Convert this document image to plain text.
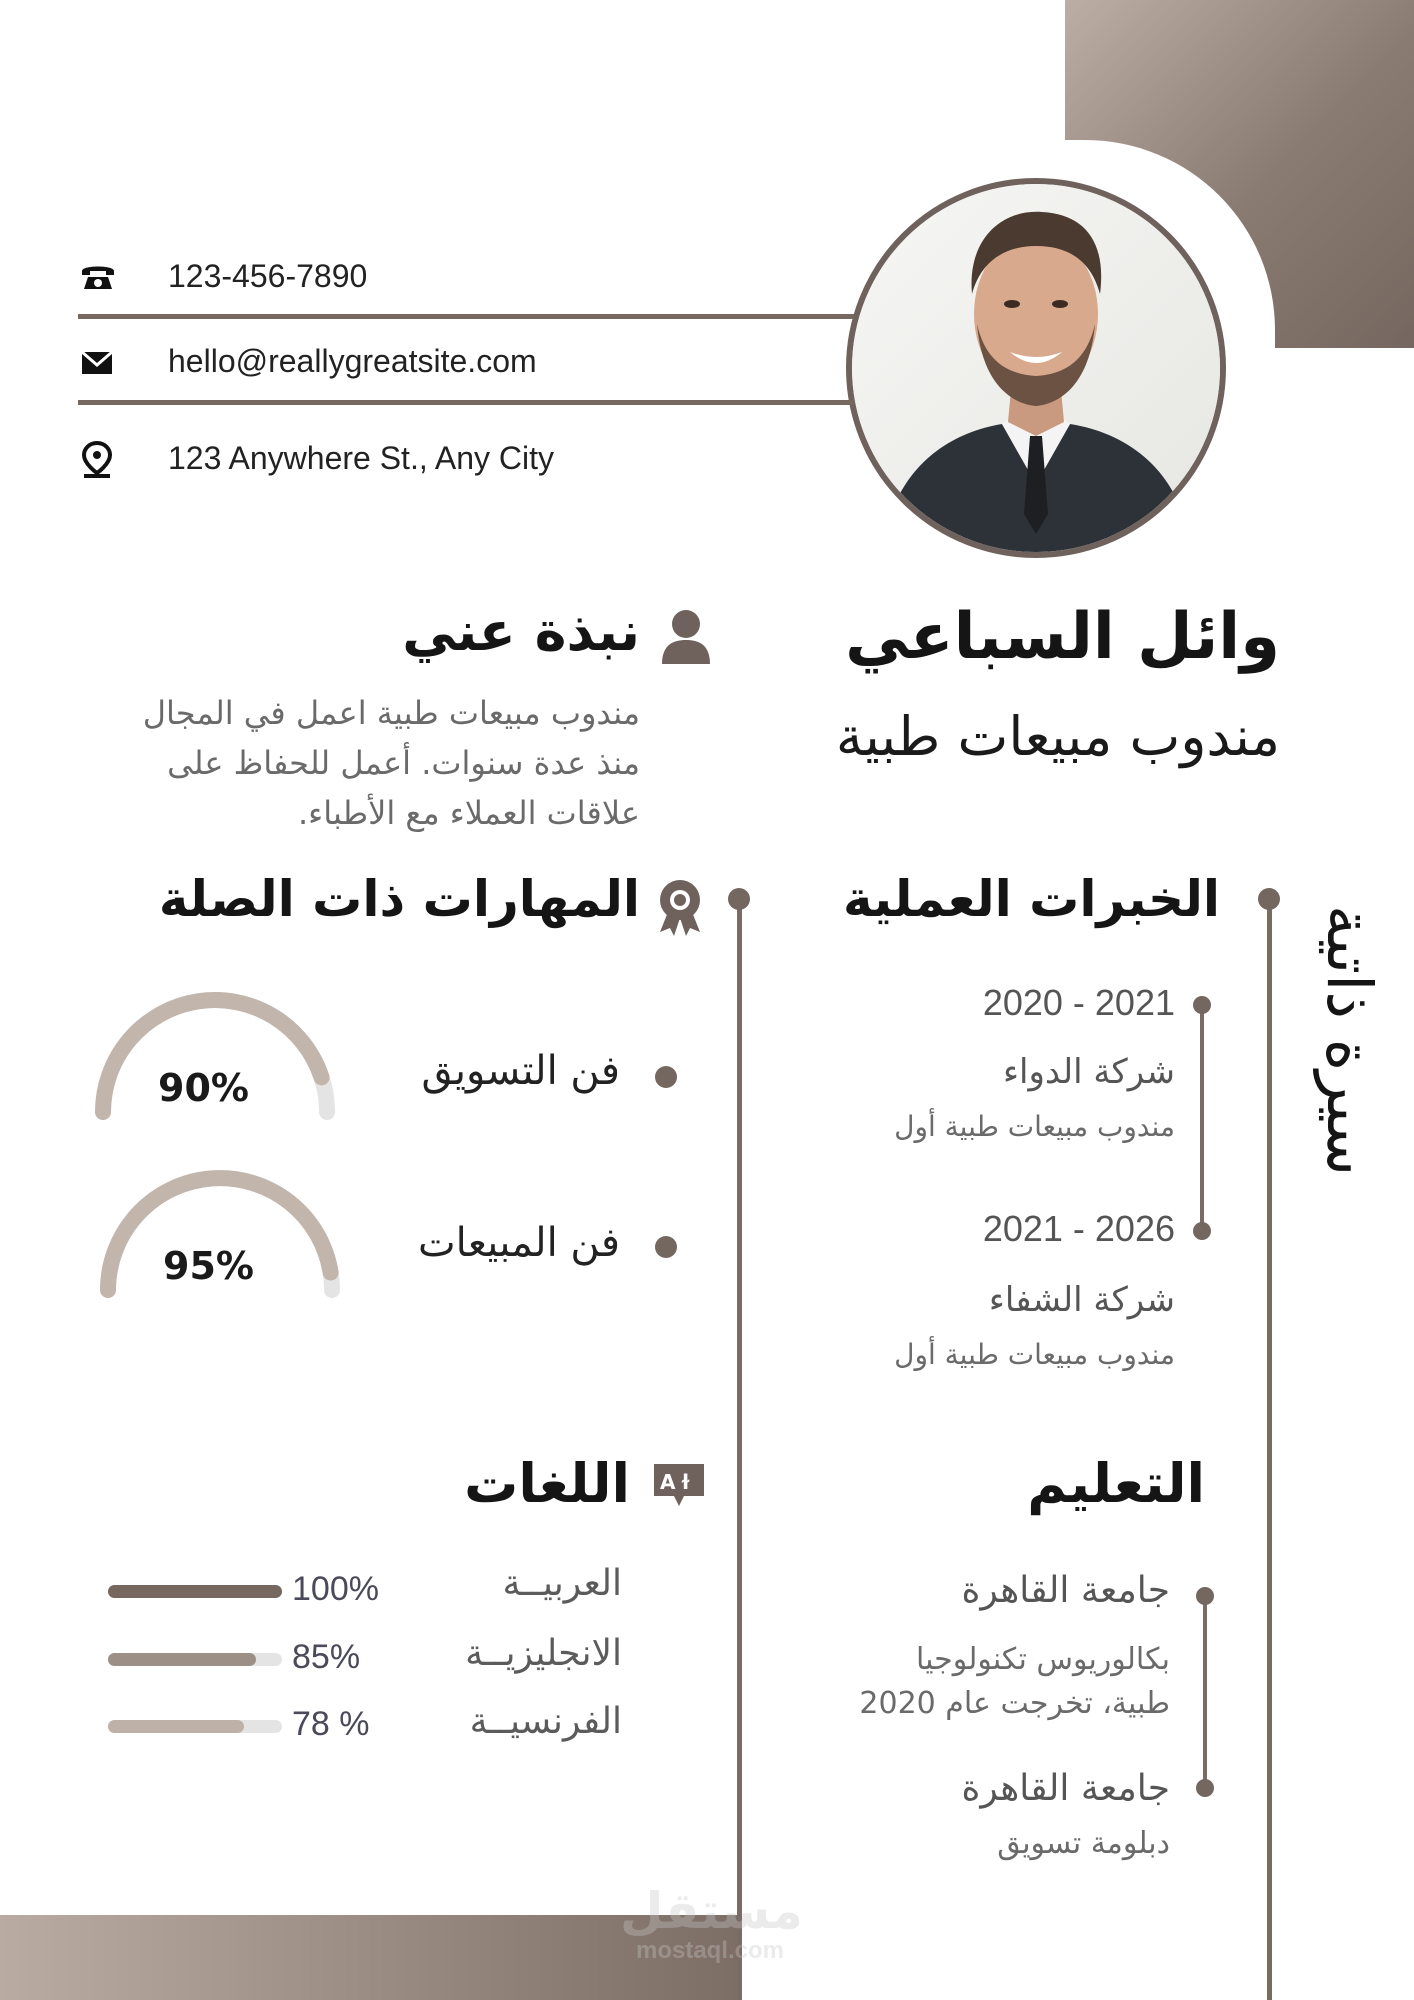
123-456-7890
hello@reallygreatsite.com
123 Anywhere St., Any City
وائل السباعي
مندوب مبيعات طبية
نبذة عني
مندوب مبيعات طبية اعمل في المجال
منذ عدة سنوات. أعمل للحفاظ على
علاقات العملاء مع الأطباء.
سيرة ذاتية
الخبرات العملية
2021 - 2020
شركة الدواء
مندوب مبيعات طبية أول
2026 - 2021
شركة الشفاء
مندوب مبيعات طبية أول
المهارات ذات الصلة
فن التسويق
90%
فن المبيعات
95%
التعليم
جامعة القاهرة
بكالوريوس تكنولوجيا
طبية، تخرجت عام 2020
جامعة القاهرة
دبلومة تسويق
A ɫ
اللغات
العربيــة
100%
الانجليزيــة
85%
الفرنسيــة
78 %
مستقل
mostaql.com
